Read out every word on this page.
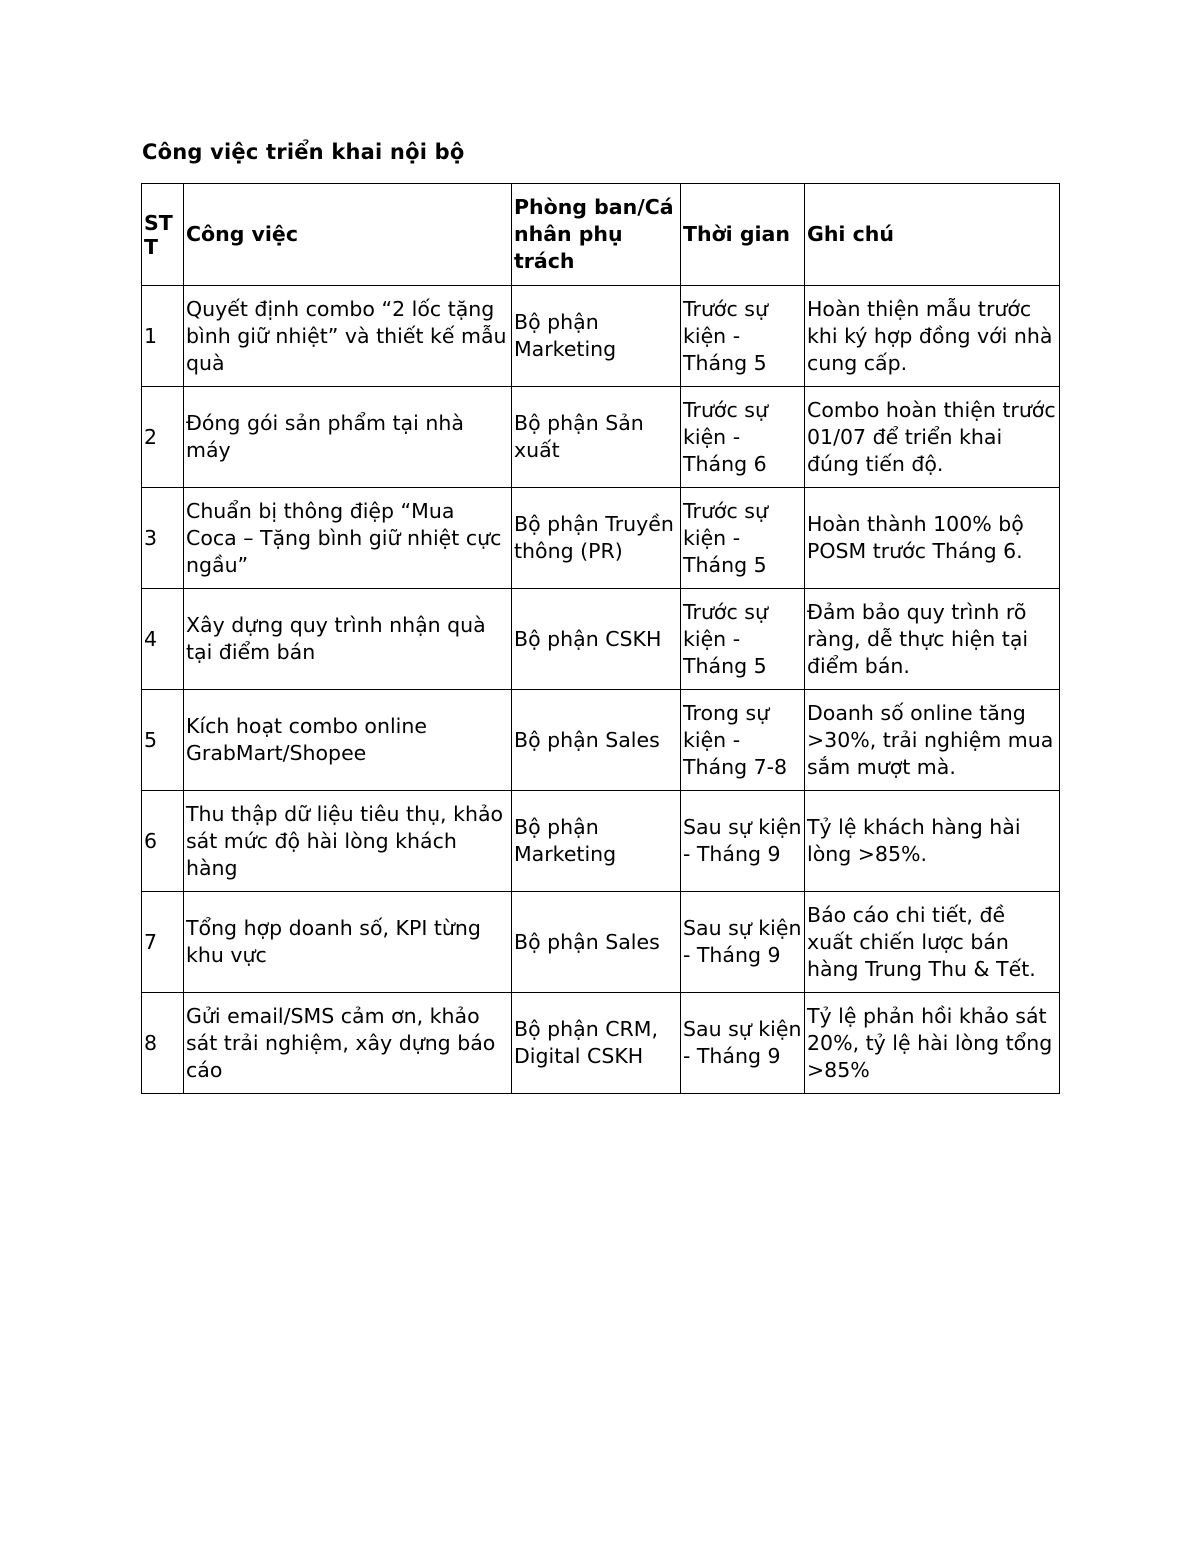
Công việc triển khai nội bộ
ST T	Công việc	Phòng ban/Cá nhân phụ trách	Thời gian	Ghi chú
1	Quyết định combo “2 lốc tặng bình giữ nhiệt” và thiết kế mẫu quà	Bộ phận Marketing	Trước sự kiện - Tháng 5	Hoàn thiện mẫu trước khi ký hợp đồng với nhà cung cấp.
2	Đóng gói sản phẩm tại nhà máy	Bộ phận Sản xuất	Trước sự kiện - Tháng 6	Combo hoàn thiện trước 01/07 để triển khai đúng tiến độ.
3	Chuẩn bị thông điệp “Mua Coca – Tặng bình giữ nhiệt cực ngầu”	Bộ phận Truyền thông (PR)	Trước sự kiện - Tháng 5	Hoàn thành 100% bộ POSM trước Tháng 6.
4	Xây dựng quy trình nhận quà tại điểm bán	Bộ phận CSKH	Trước sự kiện - Tháng 5	Đảm bảo quy trình rõ ràng, dễ thực hiện tại điểm bán.
5	Kích hoạt combo online GrabMart/Shopee	Bộ phận Sales	Trong sự kiện - Tháng 7-8	Doanh số online tăng >30%, trải nghiệm mua sắm mượt mà.
6	Thu thập dữ liệu tiêu thụ, khảo sát mức độ hài lòng khách hàng	Bộ phận Marketing	Sau sự kiện - Tháng 9	Tỷ lệ khách hàng hài lòng >85%.
7	Tổng hợp doanh số, KPI từng khu vực	Bộ phận Sales	Sau sự kiện - Tháng 9	Báo cáo chi tiết, đề xuất chiến lược bán hàng Trung Thu & Tết.
8	Gửi email/SMS cảm ơn, khảo sát trải nghiệm, xây dựng báo cáo	Bộ phận CRM, Digital CSKH	Sau sự kiện - Tháng 9	Tỷ lệ phản hồi khảo sát 20%, tỷ lệ hài lòng tổng >85%
